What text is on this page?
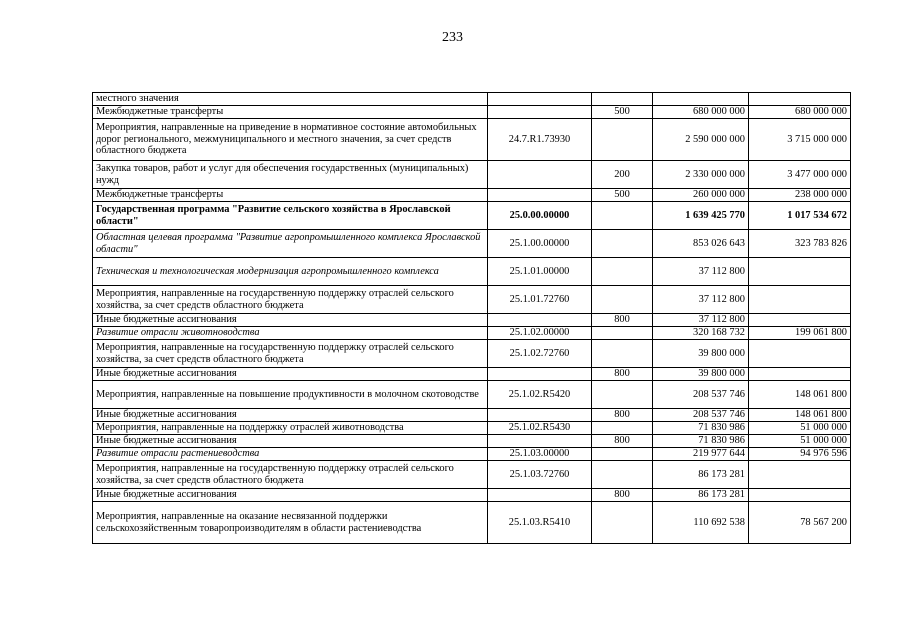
233
местного значения				
Межбюджетные трансферты		500	680 000 000	680 000 000
Мероприятия, направленные на приведение в нормативное состояние автомобильных дорог регионального, межмуниципального и местного значения, за счет средств областного бюджета	24.7.R1.73930		2 590 000 000	3 715 000 000
Закупка товаров, работ и услуг для обеспечения государственных (муниципальных) нужд		200	2 330 000 000	3 477 000 000
Межбюджетные трансферты		500	260 000 000	238 000 000
Государственная программа "Развитие сельского хозяйства в Ярославской области"	25.0.00.00000		1 639 425 770	1 017 534 672
Областная целевая программа "Развитие агропромышленного комплекса Ярославской области"	25.1.00.00000		853 026 643	323 783 826
Техническая и технологическая модернизация агропромышленного комплекса	25.1.01.00000		37 112 800	
Мероприятия, направленные на государственную поддержку отраслей сельского хозяйства, за счет средств областного бюджета	25.1.01.72760		37 112 800	
Иные бюджетные ассигнования		800	37 112 800	
Развитие отрасли животноводства	25.1.02.00000		320 168 732	199 061 800
Мероприятия, направленные на государственную поддержку отраслей сельского хозяйства, за счет средств областного бюджета	25.1.02.72760		39 800 000	
Иные бюджетные ассигнования		800	39 800 000	
Мероприятия, направленные на повышение продуктивности в молочном скотоводстве	25.1.02.R5420		208 537 746	148 061 800
Иные бюджетные ассигнования		800	208 537 746	148 061 800
Мероприятия, направленные на поддержку отраслей животноводства	25.1.02.R5430		71 830 986	51 000 000
Иные бюджетные ассигнования		800	71 830 986	51 000 000
Развитие отрасли растениеводства	25.1.03.00000		219 977 644	94 976 596
Мероприятия, направленные на государственную поддержку отраслей сельского хозяйства, за счет средств областного бюджета	25.1.03.72760		86 173 281	
Иные бюджетные ассигнования		800	86 173 281	
Мероприятия, направленные на оказание несвязанной поддержки сельскохозяйственным товаропроизводителям в области растениеводства	25.1.03.R5410		110 692 538	78 567 200
